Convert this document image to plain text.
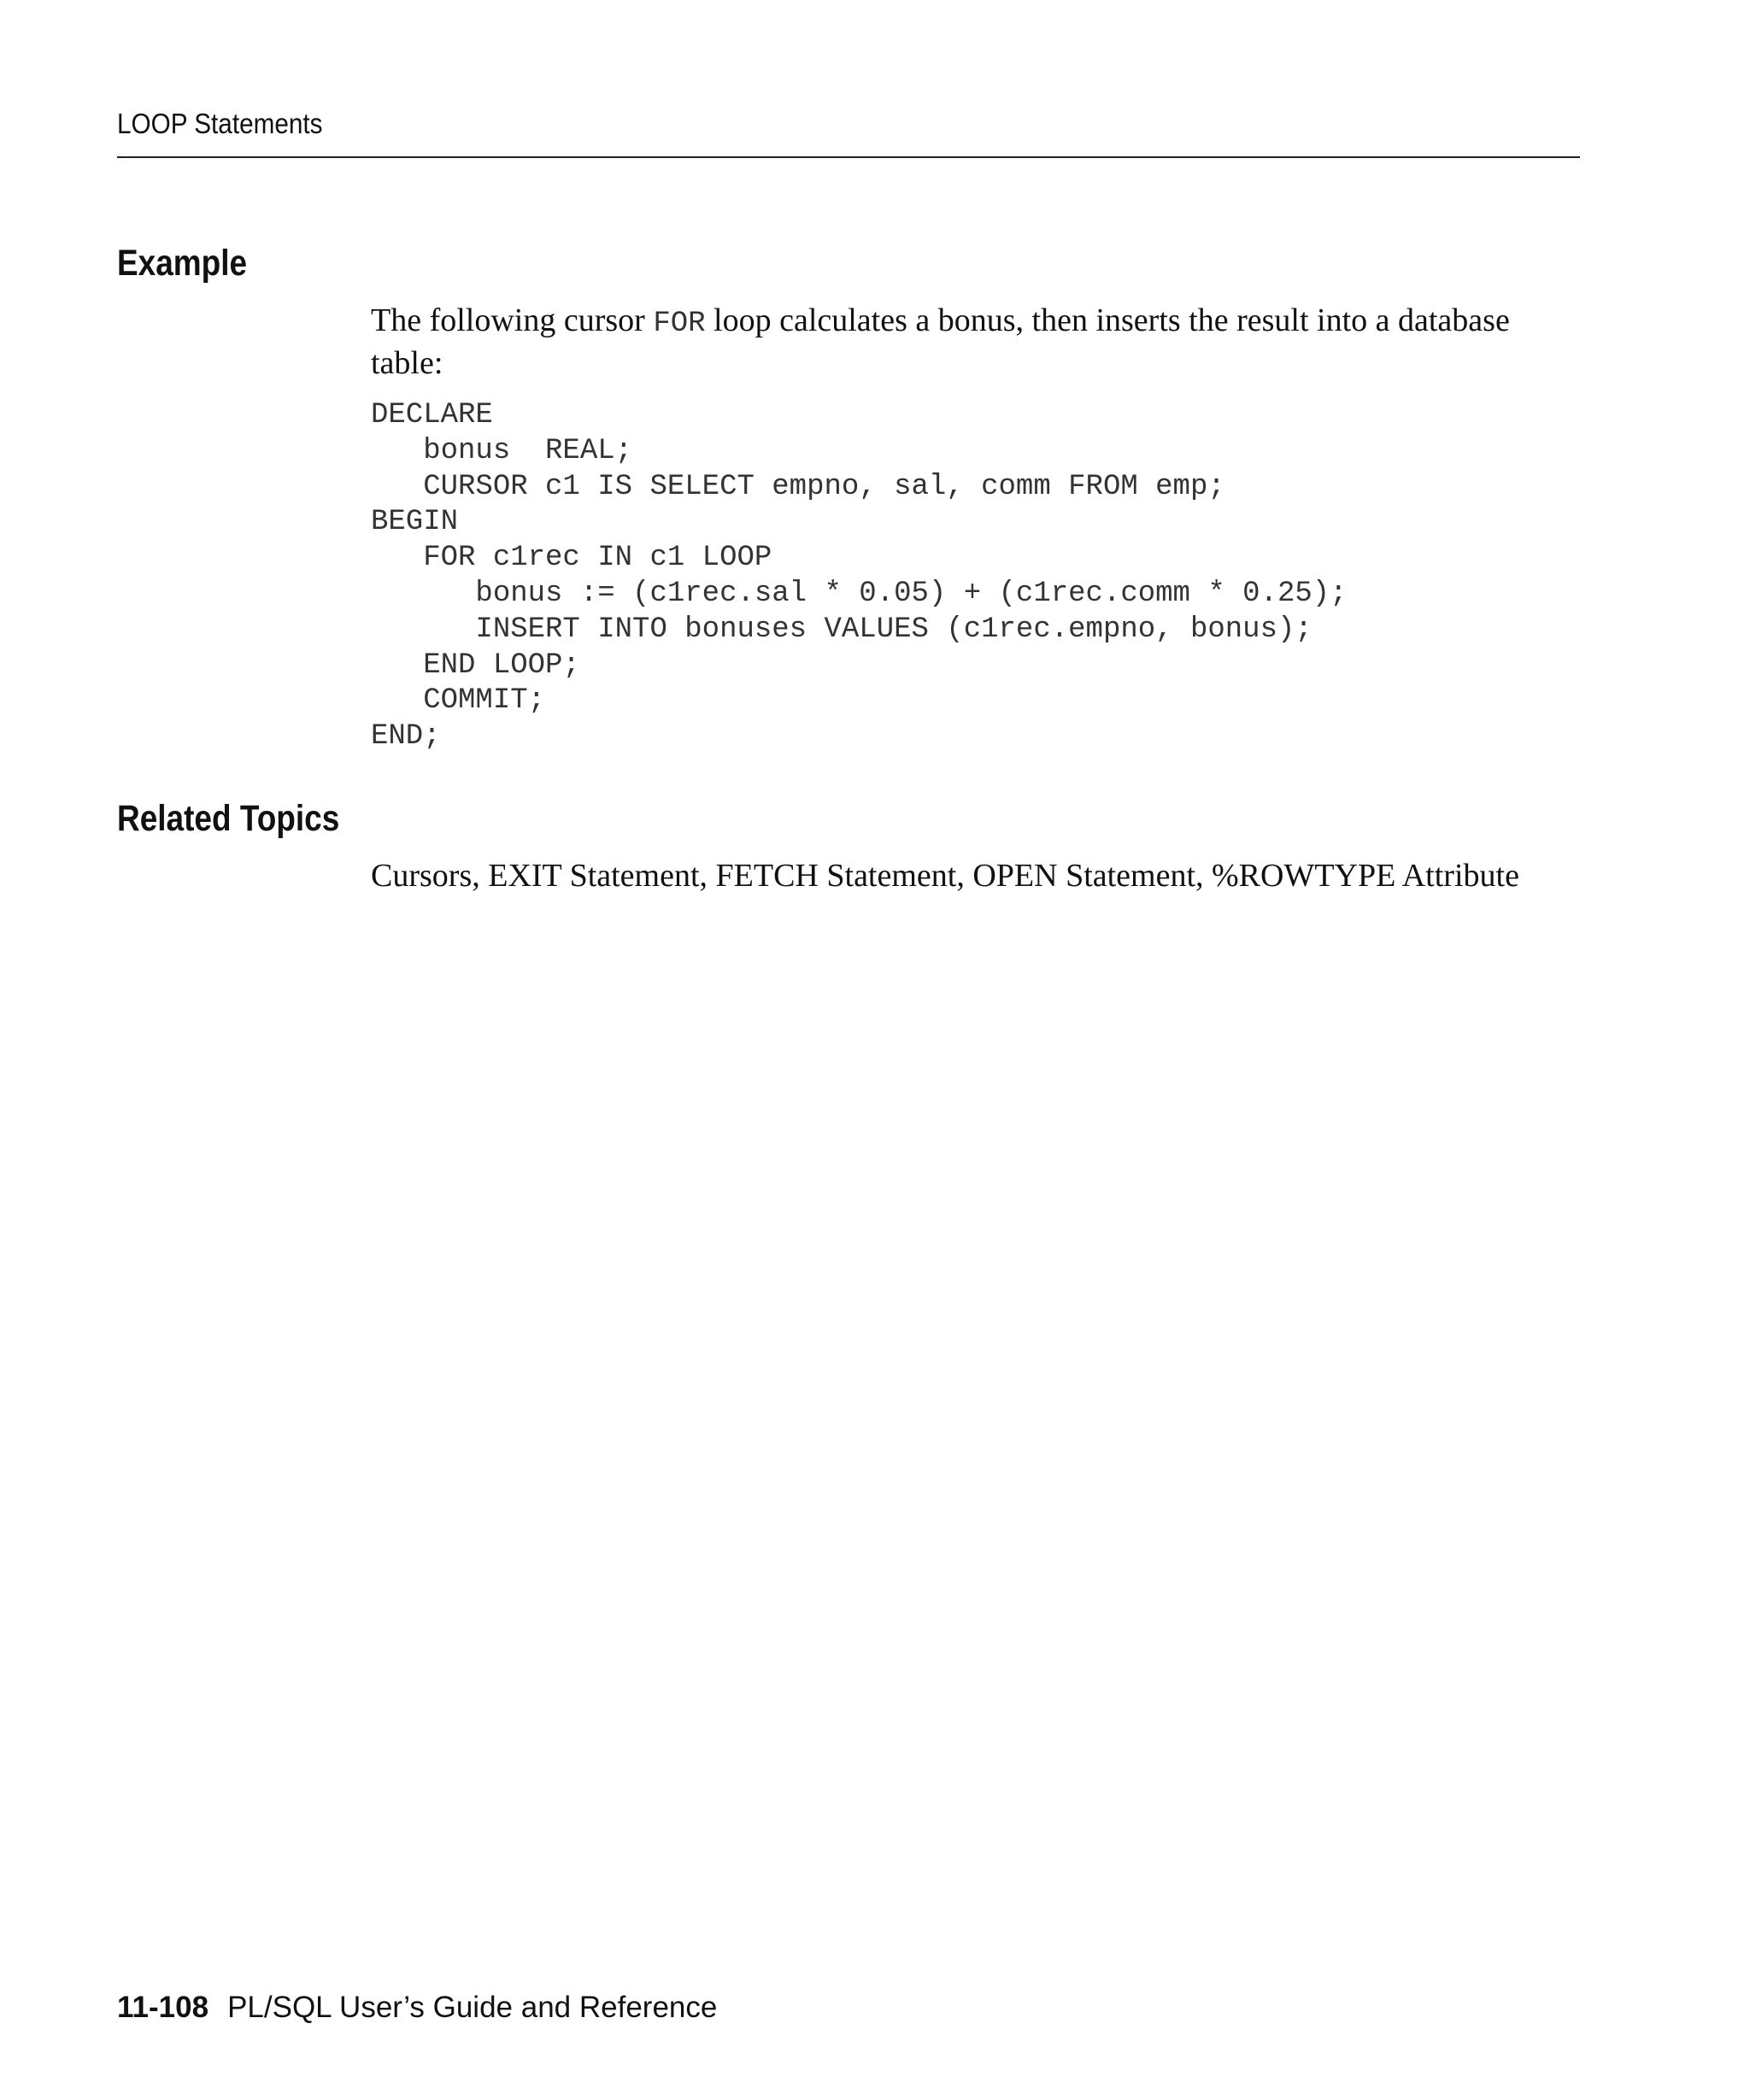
LOOP Statements
Example

The following cursor FOR loop calculates a bonus, then inserts the result into a database table:

DECLARE
bonus  REAL;
CURSOR c1 IS SELECT empno, sal, comm FROM emp;
BEGIN
FOR c1rec IN c1 LOOP
bonus := (c1rec.sal * 0.05) + (c1rec.comm * 0.25);
INSERT INTO bonuses VALUES (c1rec.empno, bonus);
END LOOP;
COMMIT;
END;
Related Topics

Cursors, EXIT Statement, FETCH Statement, OPEN Statement, %ROWTYPE Attribute

11-108 PL/SQL User’s Guide and Reference
